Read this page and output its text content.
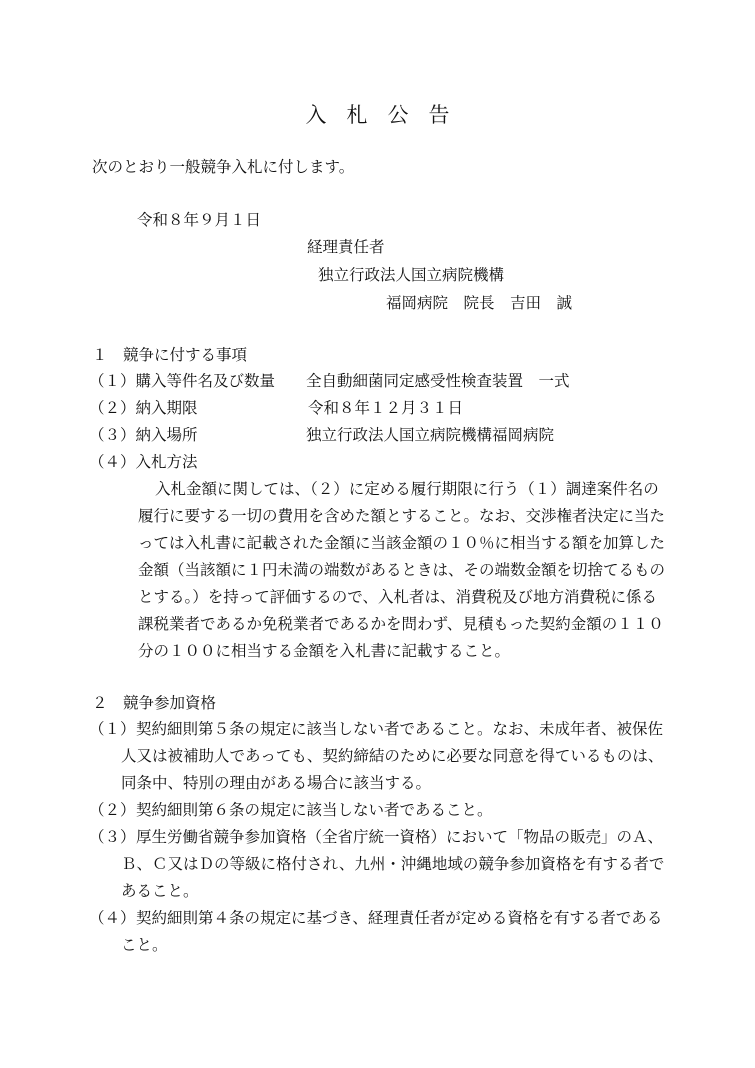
入札公告
次のとおり一般競争入札に付します。
令和８年９月１日
経理責任者
独立行政法人国立病院機構
福岡病院　院長　吉田　誠
１　競争に付する事項
（１）購入等件名及び数量 全自動細菌同定感受性検査装置　一式
（２）納入期限	令和８年１２月３１日
（３）納入場所	独立行政法人国立病院機構福岡病院
（４）入札方法
入札金額に関しては、（２）に定める履行期限に行う（１）調達案件名の
履行に要する一切の費用を含めた額とすること。なお、交渉権者決定に当た
っては入札書に記載された金額に当該金額の１０％に相当する額を加算した
金額（当該額に１円未満の端数があるときは、その端数金額を切捨てるもの
とする。）を持って評価するので、入札者は、消費税及び地方消費税に係る
課税業者であるか免税業者であるかを問わず、見積もった契約金額の１１０
分の１００に相当する金額を入札書に記載すること。
２　競争参加資格
（１） 契約細則第５条の規定に該当しない者であること。なお、未成年者、被保佐
人又は被補助人であっても、契約締結のために必要な同意を得ているものは、
同条中、特別の理由がある場合に該当する。
（２） 契約細則第６条の規定に該当しない者であること。
（３） 厚生労働省競争参加資格（全省庁統一資格）において「物品の販売」のＡ、
Ｂ、Ｃ又はＤの等級に格付され、九州・沖縄地域の競争参加資格を有する者で
あること。
（４） 契約細則第４条の規定に基づき、経理責任者が定める資格を有する者である
こと。
